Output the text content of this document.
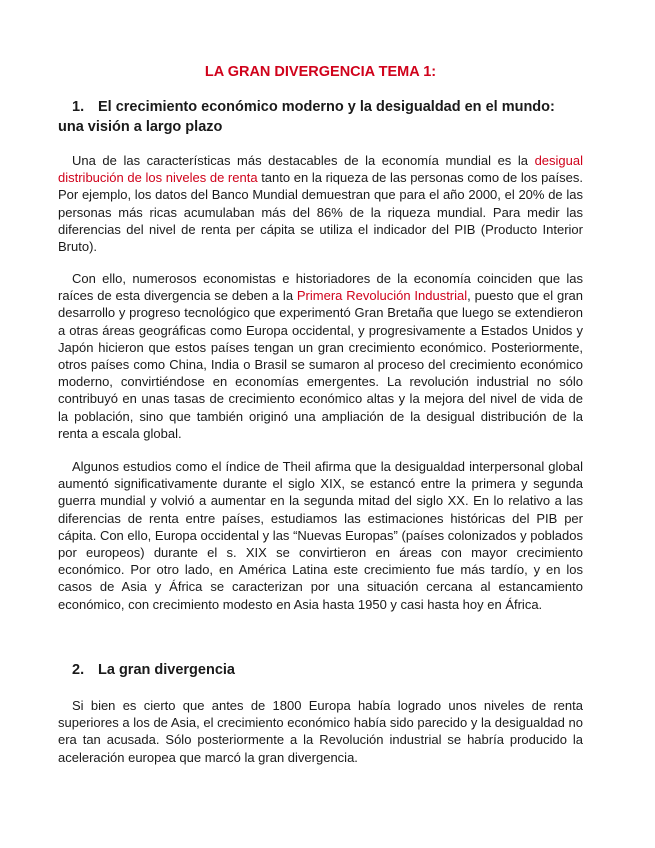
LA GRAN DIVERGENCIA TEMA 1:
1. El crecimiento económico moderno y la desigualdad en el mundo: una visión a largo plazo

Una de las características más destacables de la economía mundial es la desigual distribución de los niveles de renta tanto en la riqueza de las personas como de los países. Por ejemplo, los datos del Banco Mundial demuestran que para el año 2000, el 20% de las personas más ricas acumulaban más del 86% de la riqueza mundial. Para medir las diferencias del nivel de renta per cápita se utiliza el indicador del PIB (Producto Interior Bruto).

Con ello, numerosos economistas e historiadores de la economía coinciden que las raíces de esta divergencia se deben a la Primera Revolución Industrial, puesto que el gran desarrollo y progreso tecnológico que experimentó Gran Bretaña que luego se extendieron a otras áreas geográficas como Europa occidental, y progresivamente a Estados Unidos y Japón hicieron que estos países tengan un gran crecimiento económico. Posteriormente, otros países como China, India o Brasil se sumaron al proceso del crecimiento económico moderno, convirtiéndose en economías emergentes. La revolución industrial no sólo contribuyó en unas tasas de crecimiento económico altas y la mejora del nivel de vida de la población, sino que también originó una ampliación de la desigual distribución de la renta a escala global.

Algunos estudios como el índice de Theil afirma que la desigualdad interpersonal global aumentó significativamente durante el siglo XIX, se estancó entre la primera y segunda guerra mundial y volvió a aumentar en la segunda mitad del siglo XX. En lo relativo a las diferencias de renta entre países, estudiamos las estimaciones históricas del PIB per cápita. Con ello, Europa occidental y las “Nuevas Europas” (países colonizados y poblados por europeos) durante el s. XIX se convirtieron en áreas con mayor crecimiento económico. Por otro lado, en América Latina este crecimiento fue más tardío, y en los casos de Asia y África se caracterizan por una situación cercana al estancamiento económico, con crecimiento modesto en Asia hasta 1950 y casi hasta hoy en África.

2. La gran divergencia

Si bien es cierto que antes de 1800 Europa había logrado unos niveles de renta superiores a los de Asia, el crecimiento económico había sido parecido y la desigualdad no era tan acusada. Sólo posteriormente a la Revolución industrial se habría producido la aceleración europea que marcó la gran divergencia.
